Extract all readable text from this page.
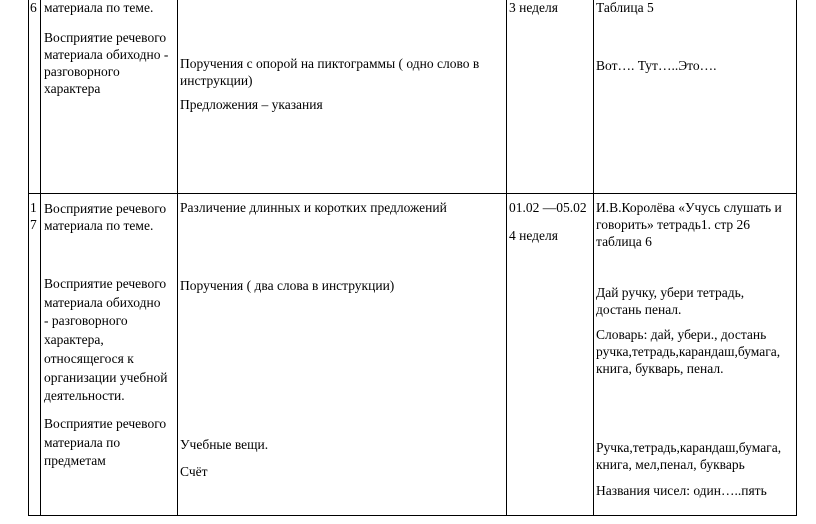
6 материала по теме.
Восприятие речевого
материала обиходно -
разговорного
характера
Поручения с опорой на пиктограммы ( одно слово в
инструкции)
Предложения – указания
3 неделя	Таблица 5
Вот…. Тут…..Это….
1
7
Восприятие речевого
материала по теме.
Восприятие речевого
материала обиходно
- разговорного
характера,
относящегося к
организации учебной
деятельности.
Восприятие речевого
материала по
предметам
Различение длинных и коротких предложений
Поручения ( два слова в инструкции)
Учебные вещи.
Счёт
01.02 —05.02
4 неделя
И.В.Королёва «Учусь слушать и
говорить» тетрадь1. стр 26
таблица 6
Дай ручку, убери тетрадь,
достань пенал.
Словарь: дай, убери., достань
ручка,тетрадь,карандаш,бумага,
книга, букварь, пенал.
Ручка,тетрадь,карандаш,бумага,
книга, мел,пенал, букварь
Названия чисел: один…..пять
